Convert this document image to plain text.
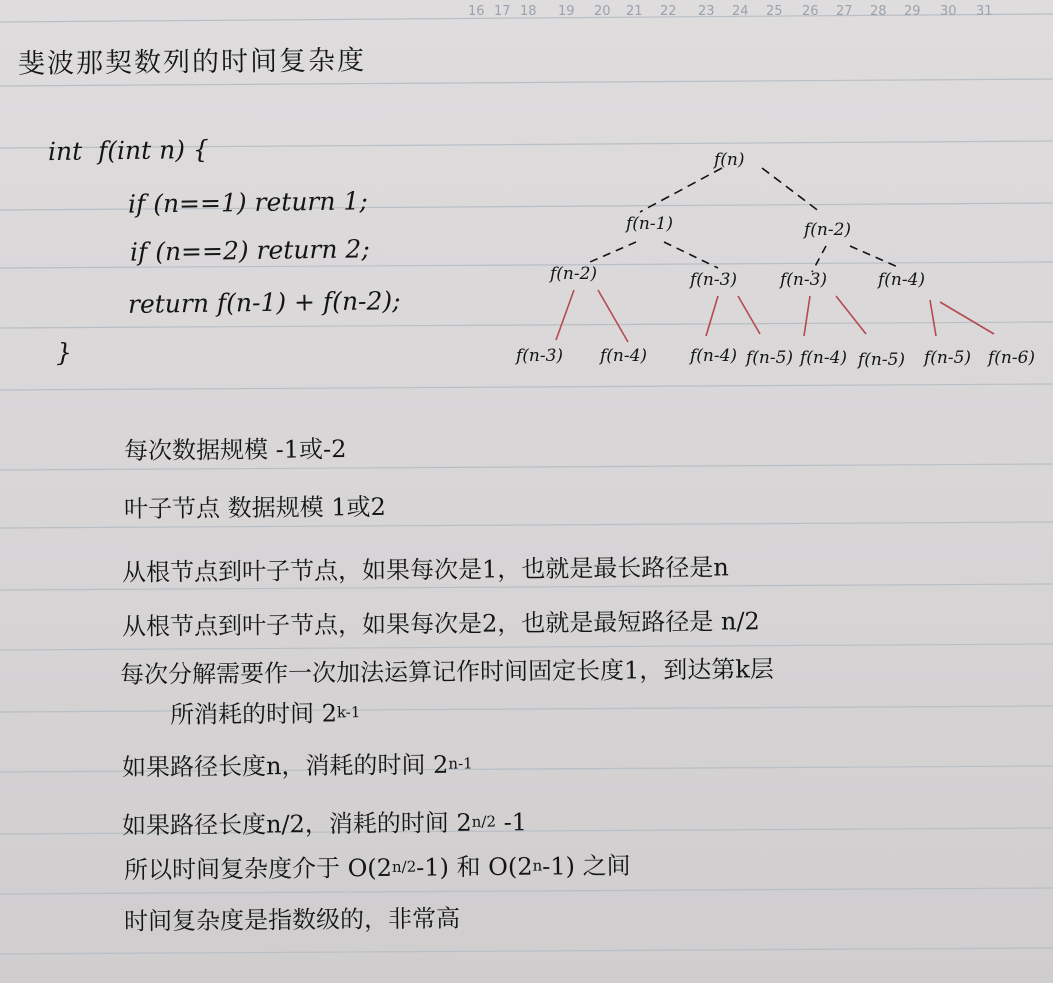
16 17 18 19 20 21 22 23 24 25 26 27 28 29 30 31
斐波那契数列的时间复杂度
int  f(int n) {
if (n==1) return 1;
if (n==2) return 2;
return f(n-1) + f(n-2);
}
f(n)
f(n-1)	f(n-2)
f(n-2)	f(n-3)	f(n-3)	f(n-4)
f(n-3) f(n-4)	f(n-4) f(n-5) f(n-4) f(n-5) f(n-5) f(n-6)
每次数据规模 -1或-2
叶子节点 数据规模 1或2
从根节点到叶子节点，如果每次是1，也就是最长路径是n
从根节点到叶子节点，如果每次是2，也就是最短路径是 n/2
每次分解需要作一次加法运算记作时间固定长度1，到达第k层
所消耗的时间 2$^{k-1}$
如果路径长度n，消耗的时间 2$^{n-1}$
如果路径长度n/2，消耗的时间 $2^{n/2}$ -1
所以时间复杂度介于 $O(2^{n/2}-1)$ 和 O(2$^n$-1) 之间
时间复杂度是指数级的，非常高
